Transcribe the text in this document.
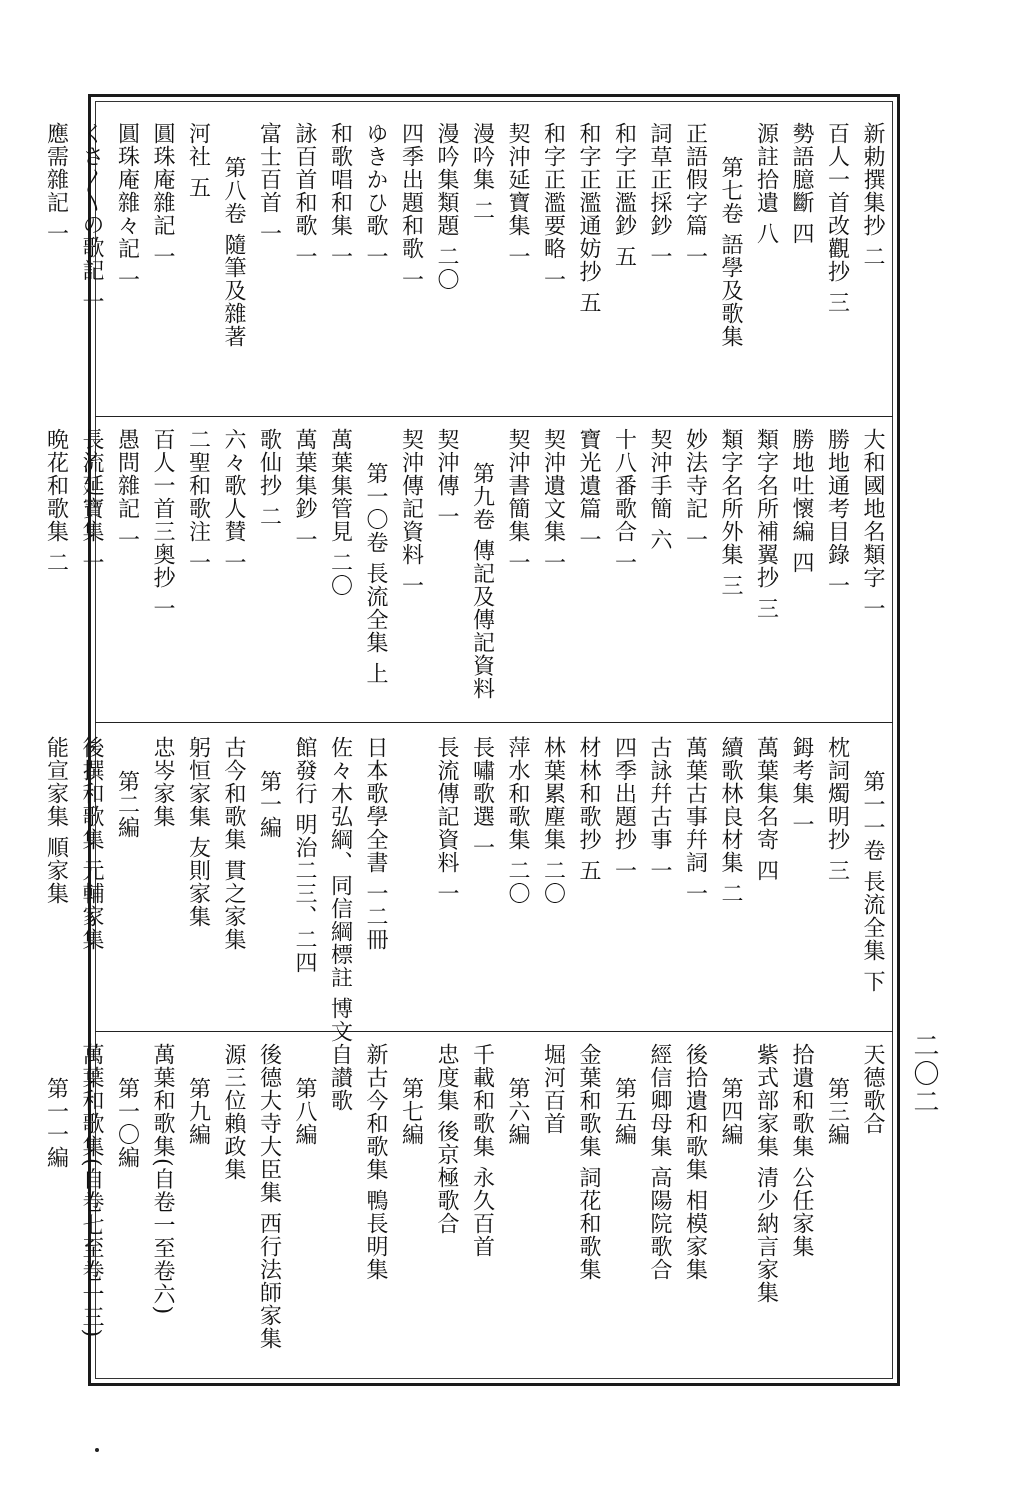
新勅撰集抄 二
百人一首改觀抄 三
勢語臆斷 四
源註拾遺 八
第七卷 語學及歌集
正語假字篇 一
詞草正採鈔 一
和字正濫鈔 五
和字正濫通妨抄 五
和字正濫要略 一
契沖延寶集 一
漫吟集 二
漫吟集類題 二〇
四季出題和歌 一
ゆきかひ歌 一
和歌唱和集 一
詠百首和歌 一
富士百首 一
第八卷 隨筆及雜著
河社 五
圓珠庵雜記 一
圓珠庵雜々記 一
くさ〳〵の歌記 一
應需雜記 一
大和國地名類字 一
勝地通考目錄 一
勝地吐懷編 四
類字名所補翼抄 三
類字名所外集 三
妙法寺記 一
契沖手簡 六
十八番歌合 一
寶光遺篇 一
契沖遺文集 一
契沖書簡集 一
第九卷 傳記及傳記資料
契沖傳 一
契沖傳記資料 一
第一〇卷 長流全集 上
萬葉集管見 二〇
萬葉集鈔 一
歌仙抄 二
六々歌人賛 一
二聖和歌注 一
百人一首三奥抄 一
愚問雜記 一
長流延寶集 一
晩花和歌集 二
第一一卷 長流全集 下
枕詞燭明抄 三
鉧考集 一
萬葉集名寄 四
續歌林良材集 二
萬葉古事幷詞 一
古詠幷古事 一
四季出題抄 一
材林和歌抄 五
林葉累塵集 二〇
萍水和歌集 二〇
長嘯歌選 一
長流傳記資料 一
日本歌學全書 一二冊
佐々木弘綱、同信綱標註 博文
館發行 明治二三、二四
第一編
古今和歌集 貫之家集
躬恒家集 友則家集
忠岑家集
第二編
後撰和歌集 元輔家集
能宣家集 順家集
天德歌合
第三編
拾遺和歌集 公任家集
紫式部家集 清少納言家集
第四編
後拾遺和歌集 相模家集
經信卿母集 高陽院歌合
第五編
金葉和歌集 詞花和歌集
堀河百首
第六編
千載和歌集 永久百首
忠度集 後京極歌合
第七編
新古今和歌集 鴨長明集
自讃歌
第八編
後德大寺大臣集 西行法師家集
源三位賴政集
第九編
萬葉和歌集(自卷一至卷六)
第一〇編
萬葉和歌集(自卷七至卷一三)
第一一編
二〇二
